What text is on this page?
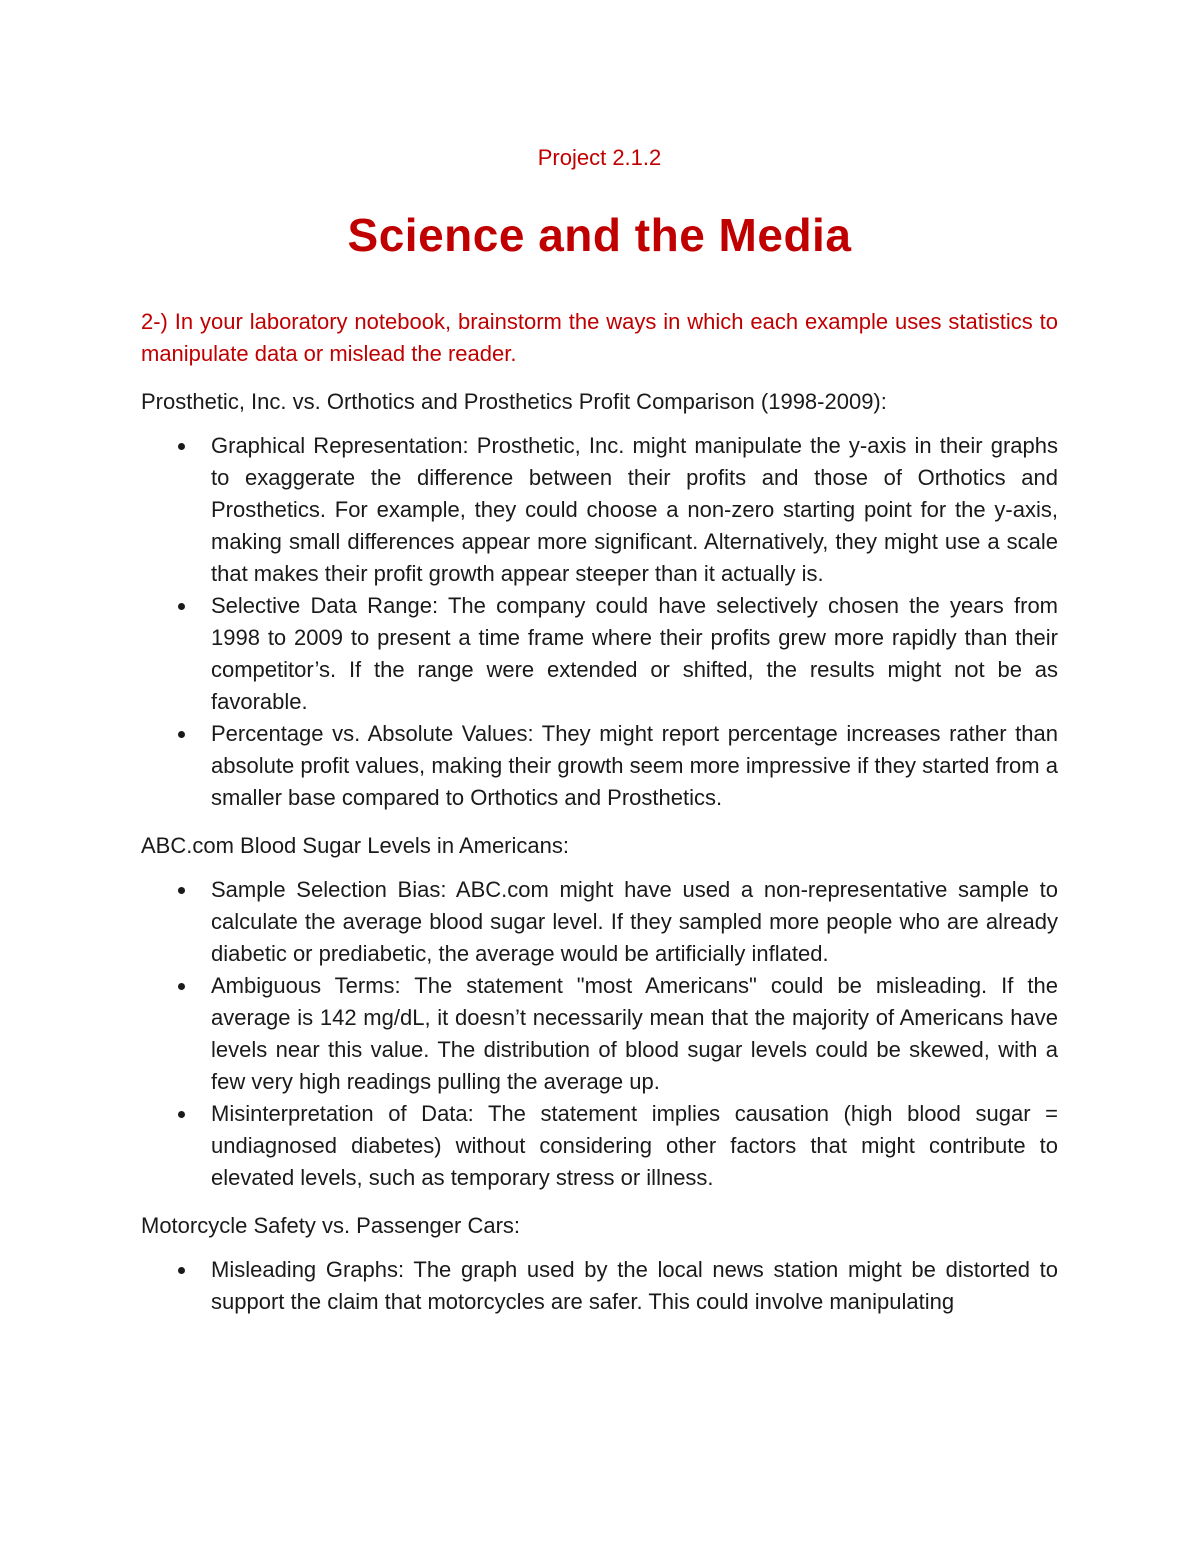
Project 2.1.2

Science and the Media

2-) In your laboratory notebook, brainstorm the ways in which each example uses statistics to manipulate data or mislead the reader.

Prosthetic, Inc. vs. Orthotics and Prosthetics Profit Comparison (1998-2009):

Graphical Representation: Prosthetic, Inc. might manipulate the y-axis in their graphs to exaggerate the difference between their profits and those of Orthotics and Prosthetics. For example, they could choose a non-zero starting point for the y-axis, making small differences appear more significant. Alternatively, they might use a scale that makes their profit growth appear steeper than it actually is.
Selective Data Range: The company could have selectively chosen the years from 1998 to 2009 to present a time frame where their profits grew more rapidly than their competitor’s. If the range were extended or shifted, the results might not be as favorable.
Percentage vs. Absolute Values: They might report percentage increases rather than absolute profit values, making their growth seem more impressive if they started from a smaller base compared to Orthotics and Prosthetics.

ABC.com Blood Sugar Levels in Americans:

Sample Selection Bias: ABC.com might have used a non-representative sample to calculate the average blood sugar level. If they sampled more people who are already diabetic or prediabetic, the average would be artificially inflated.
Ambiguous Terms: The statement "most Americans" could be misleading. If the average is 142 mg/dL, it doesn’t necessarily mean that the majority of Americans have levels near this value. The distribution of blood sugar levels could be skewed, with a few very high readings pulling the average up.
Misinterpretation of Data: The statement implies causation (high blood sugar = undiagnosed diabetes) without considering other factors that might contribute to elevated levels, such as temporary stress or illness.

Motorcycle Safety vs. Passenger Cars:

Misleading Graphs: The graph used by the local news station might be distorted to support the claim that motorcycles are safer. This could involve manipulating
